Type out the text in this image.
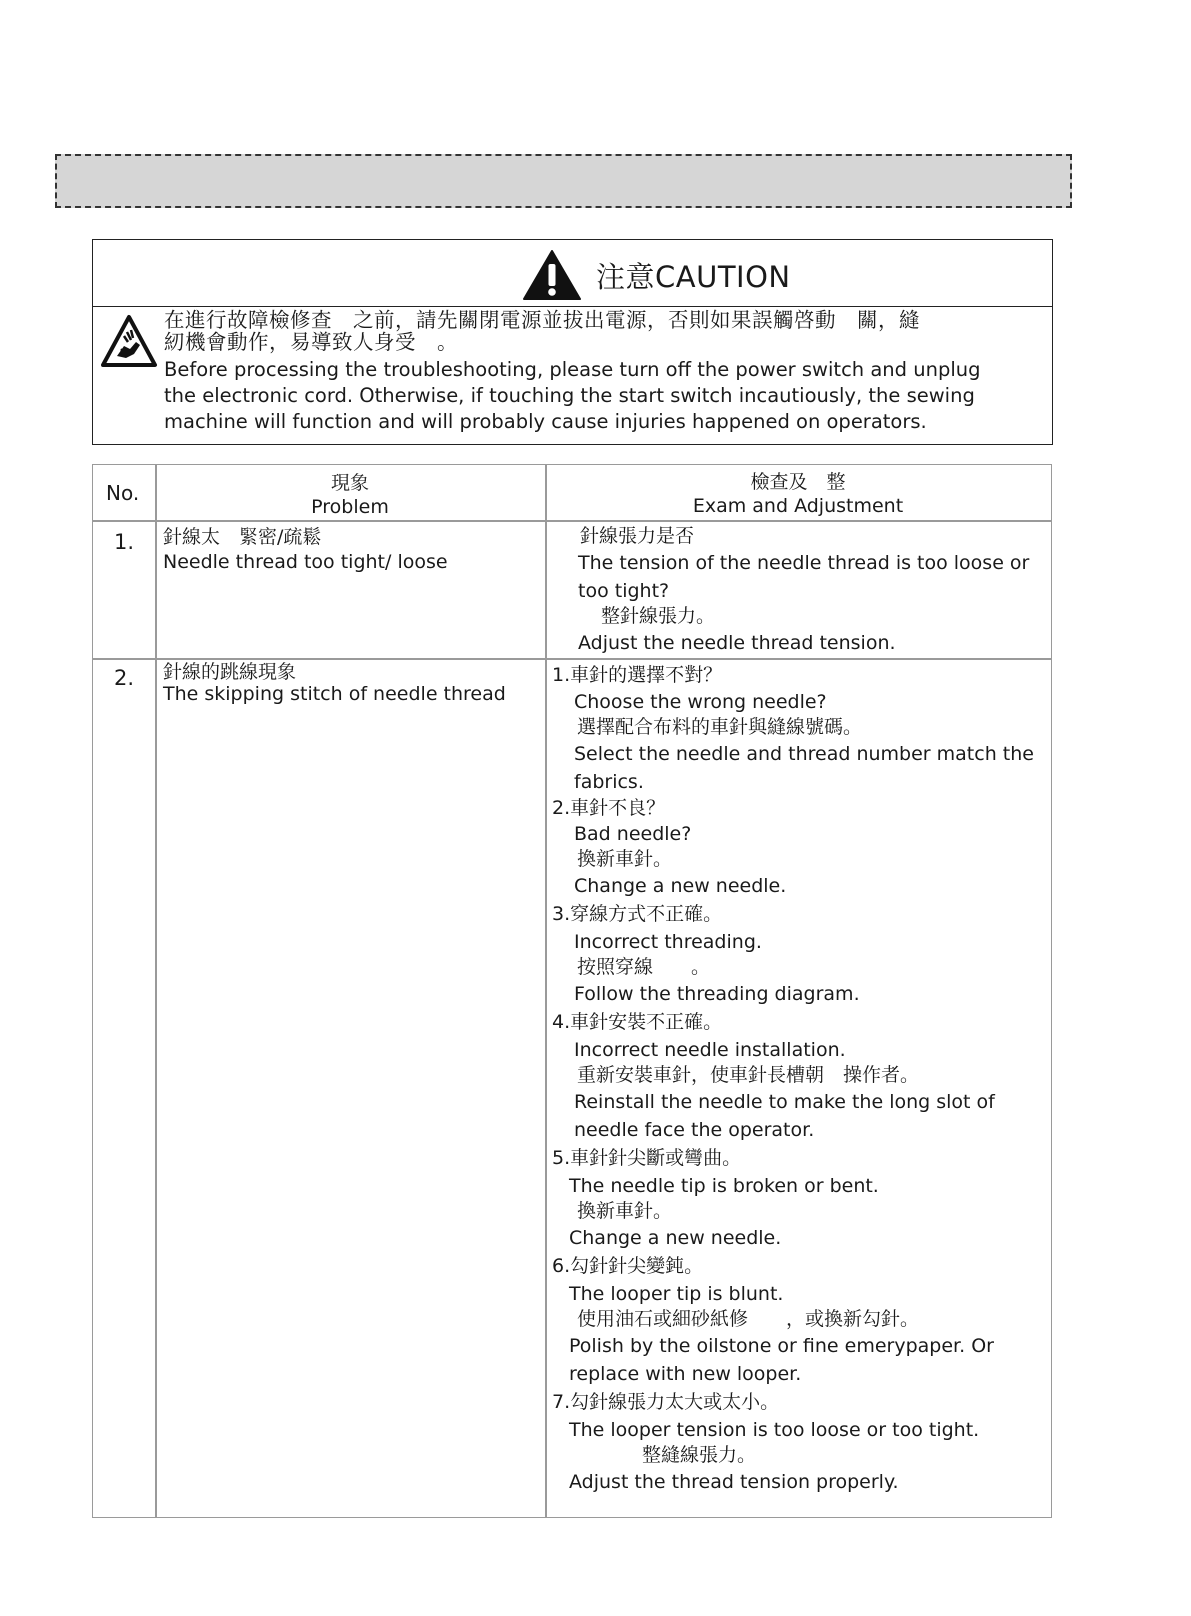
注意CAUTION
在進行故障檢修查　之前，請先關閉電源並拔出電源，否則如果誤觸啓動　關，縫
紉機會動作，易導致人身受　。
Before processing the troubleshooting, please turn off the power switch and unplug
the electronic cord. Otherwise, if touching the start switch incautiously, the sewing
machine will function and will probably cause injuries happened on operators.
No.	現象
Problem
檢查及　整
Exam and Adjustment
1. 針線太　緊密/疏鬆
Needle thread too tight/ loose
針線張力是否
The tension of the needle thread is too loose or
too tight?
整針線張力。
Adjust the needle thread tension.
2. 針線的跳線現象
The skipping stitch of needle thread
1.車針的選擇不對？
Choose the wrong needle?
選擇配合布料的車針與縫線號碼。
Select the needle and thread number match the
fabrics.
2.車針不良？
Bad needle?
換新車針。
Change a new needle.
3.穿線方式不正確。
Incorrect threading.
按照穿線　　。
Follow the threading diagram.
4.車針安裝不正確。
Incorrect needle installation.
重新安裝車針，使車針長槽朝　操作者。
Reinstall the needle to make the long slot of
needle face the operator.
5.車針針尖斷或彎曲。
The needle tip is broken or bent.
換新車針。
Change a new needle.
6.勾針針尖變鈍。
The looper tip is blunt.
使用油石或細砂紙修　　，或換新勾針。
Polish by the oilstone or fine emerypaper. Or
replace with new looper.
7.勾針線張力太大或太小。
The looper tension is too loose or too tight.
整縫線張力。
Adjust the thread tension properly.
